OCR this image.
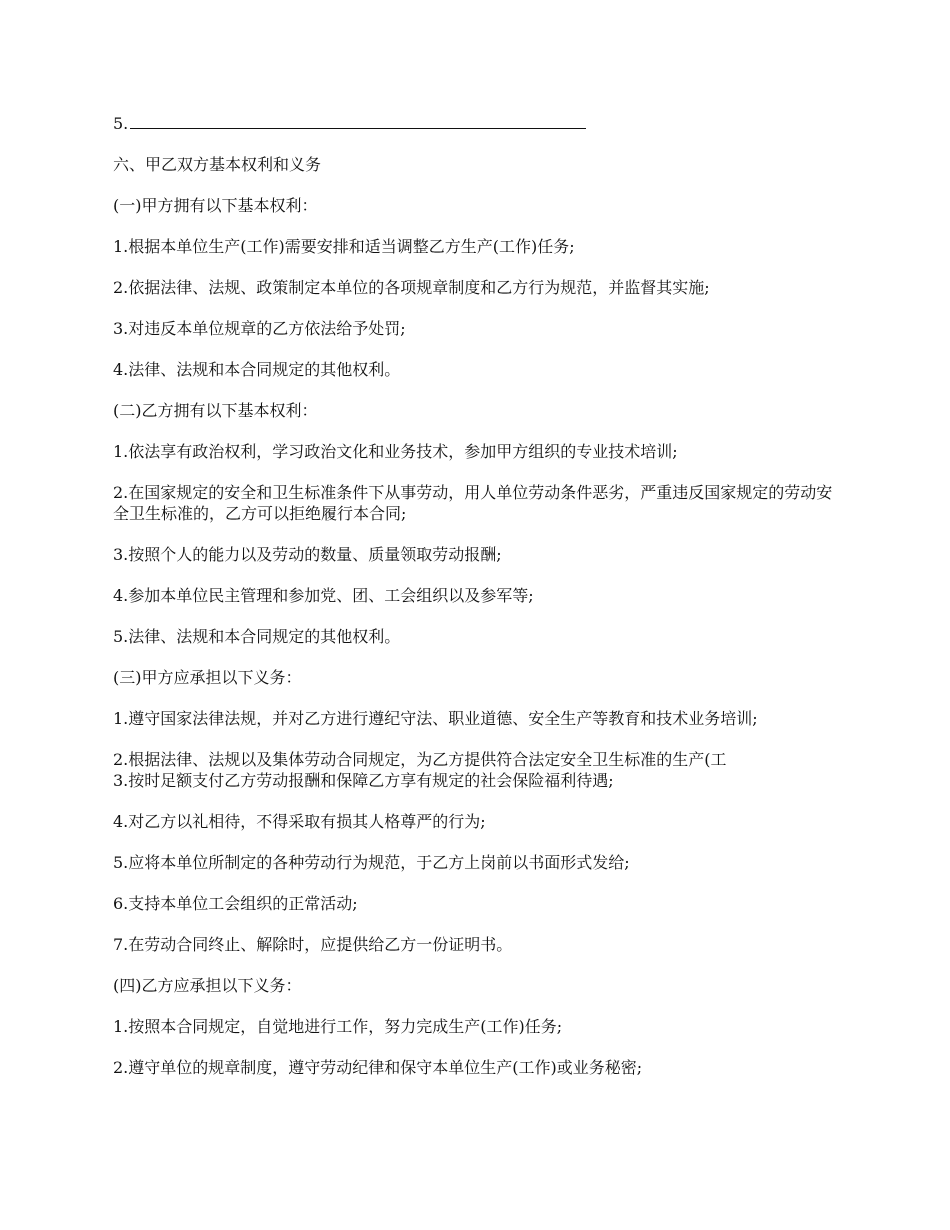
5.

六、甲乙双方基本权利和义务

(一)甲方拥有以下基本权利：

1.根据本单位生产(工作)需要安排和适当调整乙方生产(工作)任务;

2.依据法律、法规、政策制定本单位的各项规章制度和乙方行为规范，并监督其实施;

3.对违反本单位规章的乙方依法给予处罚;

4.法律、法规和本合同规定的其他权利。

(二)乙方拥有以下基本权利：

1.依法享有政治权利，学习政治文化和业务技术，参加甲方组织的专业技术培训;

2.在国家规定的安全和卫生标准条件下从事劳动，用人单位劳动条件恶劣，严重违反国家规定的劳动安全卫生标准的，乙方可以拒绝履行本合同;

3.按照个人的能力以及劳动的数量、质量领取劳动报酬;

4.参加本单位民主管理和参加党、团、工会组织以及参军等;

5.法律、法规和本合同规定的其他权利。

(三)甲方应承担以下义务：

1.遵守国家法律法规，并对乙方进行遵纪守法、职业道德、安全生产等教育和技术业务培训;

2.根据法律、法规以及集体劳动合同规定，为乙方提供符合法定安全卫生标准的生产(工

3.按时足额支付乙方劳动报酬和保障乙方享有规定的社会保险福利待遇;

4.对乙方以礼相待，不得采取有损其人格尊严的行为;

5.应将本单位所制定的各种劳动行为规范，于乙方上岗前以书面形式发给;

6.支持本单位工会组织的正常活动;

7.在劳动合同终止、解除时，应提供给乙方一份证明书。

(四)乙方应承担以下义务：

1.按照本合同规定，自觉地进行工作，努力完成生产(工作)任务;

2.遵守单位的规章制度，遵守劳动纪律和保守本单位生产(工作)或业务秘密;
